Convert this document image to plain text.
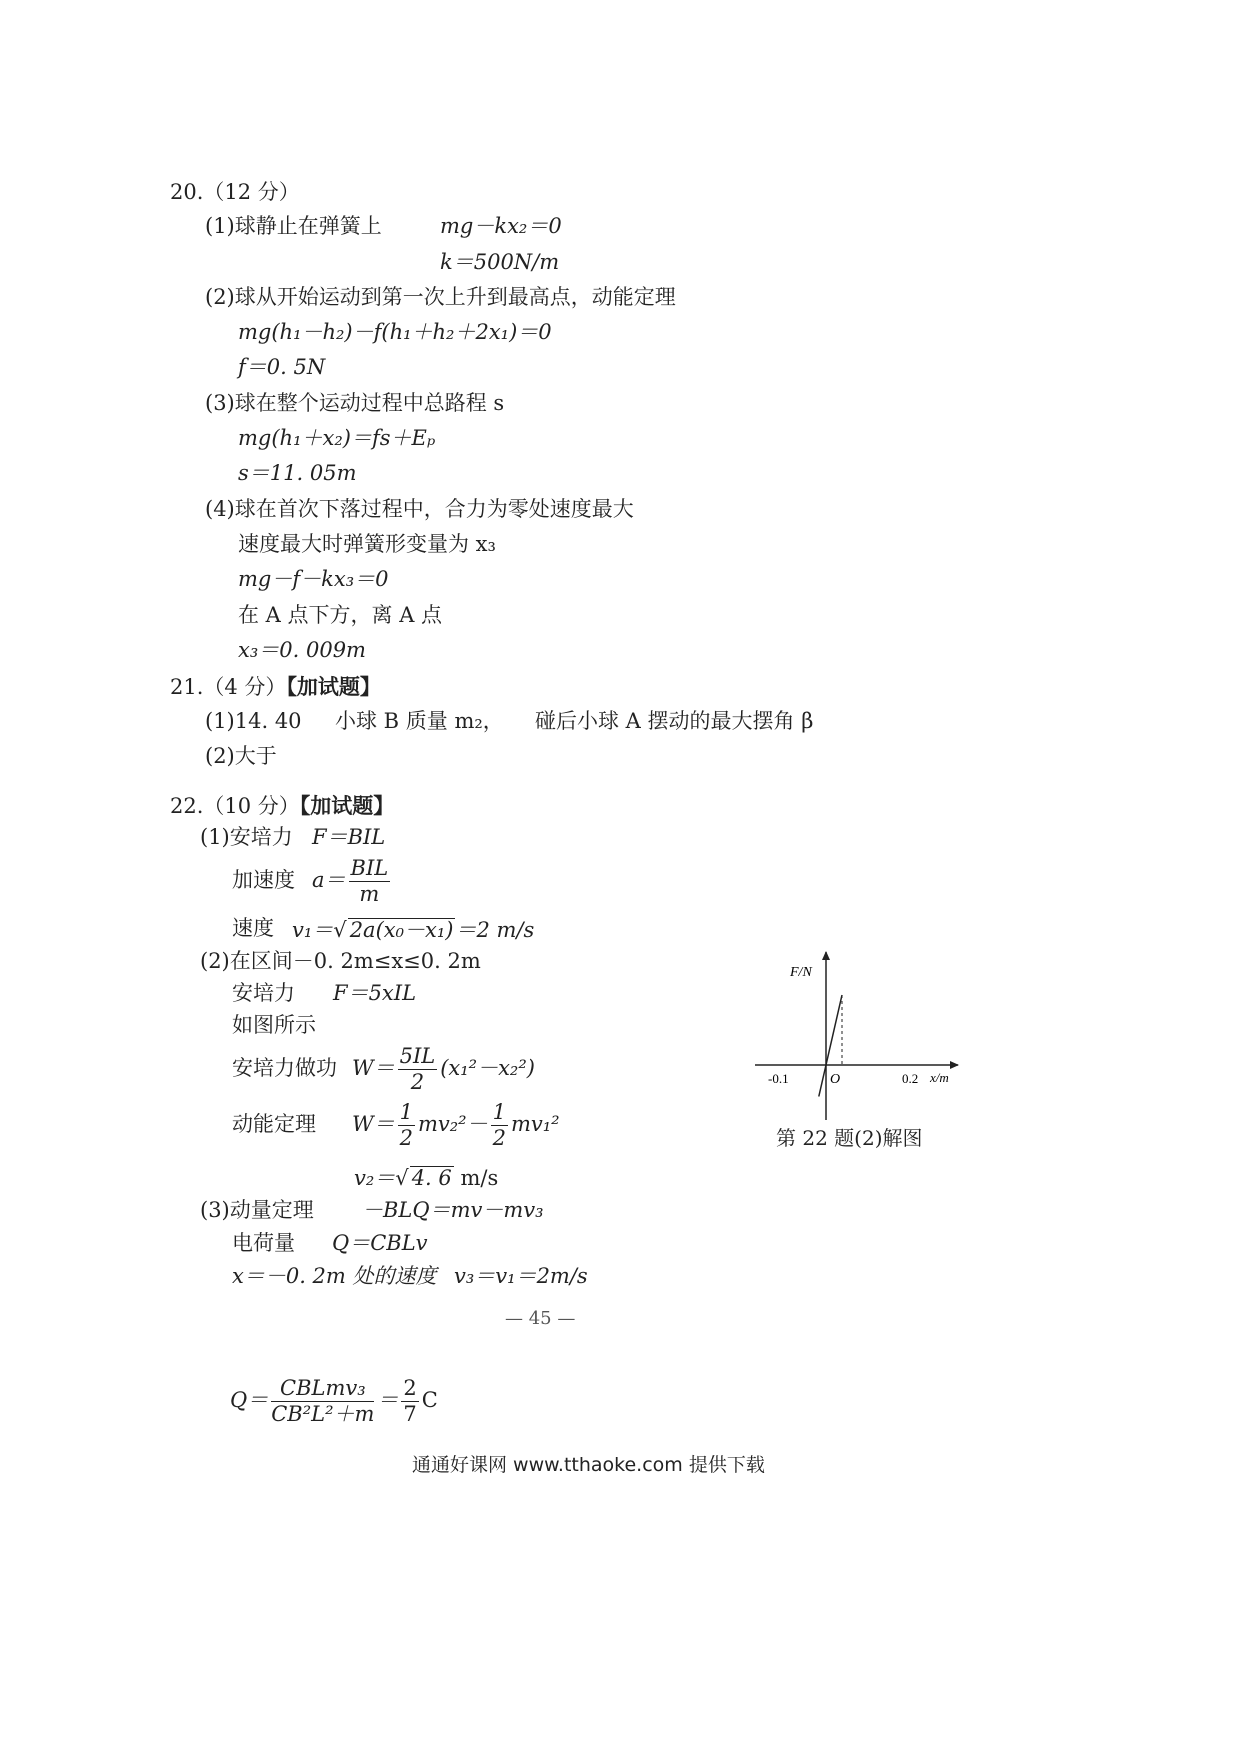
20.（12 分）
(1)球静止在弹簧上	mg－kx₂＝0
k＝500N/m
(2)球从开始运动到第一次上升到最高点，动能定理
mg(h₁－h₂)－f(h₁＋h₂＋2x₁)＝0
f＝0. 5N
(3)球在整个运动过程中总路程 s
mg(h₁＋x₂)＝fs＋Eₚ
s＝11. 05m
(4)球在首次下落过程中，合力为零处速度最大
速度最大时弹簧形变量为 x₃
mg－f－kx₃＝0
在 A 点下方，离 A 点
x₃＝0. 009m
21.（4 分）【加试题】
(1)14. 40 小球 B 质量 m₂， 碰后小球 A 摆动的最大摆角 β
(2)大于
22.（10 分）【加试题】
(1)安培力 F＝BIL
加速度 $a= \frac{\text{BIL}}{m}$
速度 v₁＝√ 2a(x₀－x₁)＝2 m/s
(2)在区间－0. 2m≤x≤0. 2m
安培力 F＝5xIL
如图所示
安培力做功 $W= \frac{5IL}{2} (x_1^2-x_2^2)$
动能定理 $W= \frac{1}{2} mv_2^2- \frac{1}{2} mv_1^2$
v₂＝√ 4. 6 m/s
(3)动量定理 －BLQ＝mv－mv₃
电荷量 Q＝CBLv
x＝－0. 2m 处的速度 v₃＝v₁＝2m/s
F/N
x/m
O
-0.1	0.2
第 22 题(2)解图
— 45 —
$Q= \frac{\text{CBLmv₃}}{\text{CB²L²＋m}} = \frac{2}{7}$ C
通通好课网 www.tthaoke.com 提供下载
